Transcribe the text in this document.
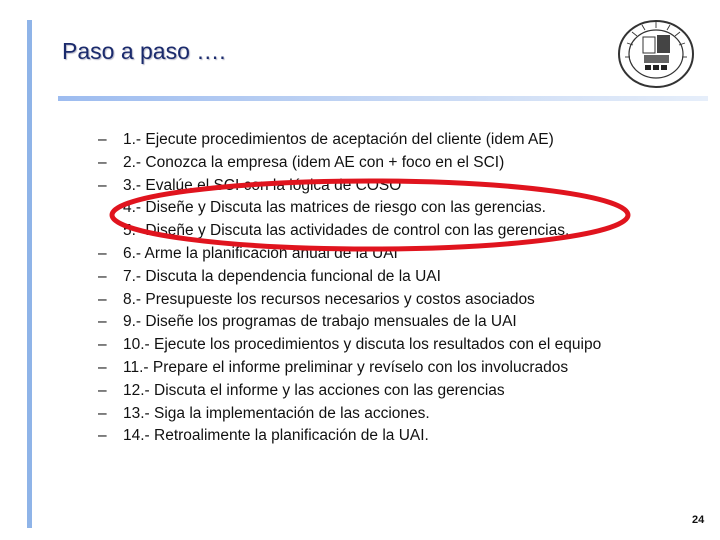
Paso a paso ….
–	1.- Ejecute procedimientos de aceptación del cliente (idem AE)
–	2.- Conozca la empresa (idem AE con + foco en el SCI)
–	3.- Evalúe el SCI con la lógica de COSO
4.- Diseñe y Discuta las matrices de riesgo con las gerencias.
5.- Diseñe y Discuta las actividades de control con las gerencias.
–	6.- Arme la planificación anual de la UAI
–	7.- Discuta la dependencia funcional de la UAI
–	8.- Presupueste los recursos necesarios y costos asociados
–	9.- Diseñe los programas de trabajo mensuales de la UAI
–	10.- Ejecute los procedimientos y discuta los resultados con el equipo
–	11.- Prepare el informe preliminar y revíselo con los involucrados
–	12.- Discuta el informe y las acciones con las gerencias
–	13.- Siga la implementación de las acciones.
–	14.- Retroalimente la planificación de la UAI.
24
